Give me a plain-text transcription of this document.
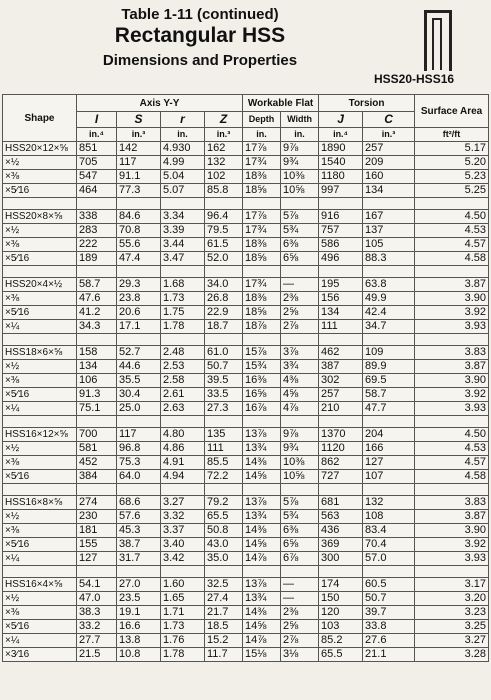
Table 1-11 (continued)
Rectangular HSS
Dimensions and Properties
HSS20-HSS16
Shape	Axis Y-Y				Workable Flat		Torsion		Surface Area
	I	S	r	Z	Depth	Width	J	C	
	in.⁴	in.³	in.	in.³	in.	in.	in.⁴	in.³	ft²/ft
HSS20×12×⅝	851	142	4.930	162	17⅞	9⅞	1890	257	5.17
×½	705	117	4.99	132	17¾	9¾	1540	209	5.20
×⅜	547	91.1	5.04	102	18⅜	10⅜	1180	160	5.23
×5⁄16	464	77.3	5.07	85.8	18⅝	10⅝	997	134	5.25

HSS20×8×⅝	338	84.6	3.34	96.4	17⅞	5⅞	916	167	4.50
×½	283	70.8	3.39	79.5	17¾	5¾	757	137	4.53
×⅜	222	55.6	3.44	61.5	18⅜	6⅜	586	105	4.57
×5⁄16	189	47.4	3.47	52.0	18⅝	6⅝	496	88.3	4.58

HSS20×4×½	58.7	29.3	1.68	34.0	17¾	—	195	63.8	3.87
×⅜	47.6	23.8	1.73	26.8	18⅜	2⅜	156	49.9	3.90
×5⁄16	41.2	20.6	1.75	22.9	18⅝	2⅝	134	42.4	3.92
×¼	34.3	17.1	1.78	18.7	18⅞	2⅞	111	34.7	3.93

HSS18×6×⅝	158	52.7	2.48	61.0	15⅞	3⅞	462	109	3.83
×½	134	44.6	2.53	50.7	15¾	3¾	387	89.9	3.87
×⅜	106	35.5	2.58	39.5	16⅜	4⅜	302	69.5	3.90
×5⁄16	91.3	30.4	2.61	33.5	16⅝	4⅝	257	58.7	3.92
×¼	75.1	25.0	2.63	27.3	16⅞	4⅞	210	47.7	3.93

HSS16×12×⅝	700	117	4.80	135	13⅞	9⅞	1370	204	4.50
×½	581	96.8	4.86	111	13¾	9¾	1120	166	4.53
×⅜	452	75.3	4.91	85.5	14⅜	10⅜	862	127	4.57
×5⁄16	384	64.0	4.94	72.2	14⅝	10⅝	727	107	4.58

HSS16×8×⅝	274	68.6	3.27	79.2	13⅞	5⅞	681	132	3.83
×½	230	57.6	3.32	65.5	13¾	5¾	563	108	3.87
×⅜	181	45.3	3.37	50.8	14⅜	6⅜	436	83.4	3.90
×5⁄16	155	38.7	3.40	43.0	14⅝	6⅝	369	70.4	3.92
×¼	127	31.7	3.42	35.0	14⅞	6⅞	300	57.0	3.93

HSS16×4×⅝	54.1	27.0	1.60	32.5	13⅞	—	174	60.5	3.17
×½	47.0	23.5	1.65	27.4	13¾	—	150	50.7	3.20
×⅜	38.3	19.1	1.71	21.7	14⅜	2⅜	120	39.7	3.23
×5⁄16	33.2	16.6	1.73	18.5	14⅝	2⅝	103	33.8	3.25
×¼	27.7	13.8	1.76	15.2	14⅞	2⅞	85.2	27.6	3.27
×3⁄16	21.5	10.8	1.78	11.7	15⅛	3⅛	65.5	21.1	3.28
